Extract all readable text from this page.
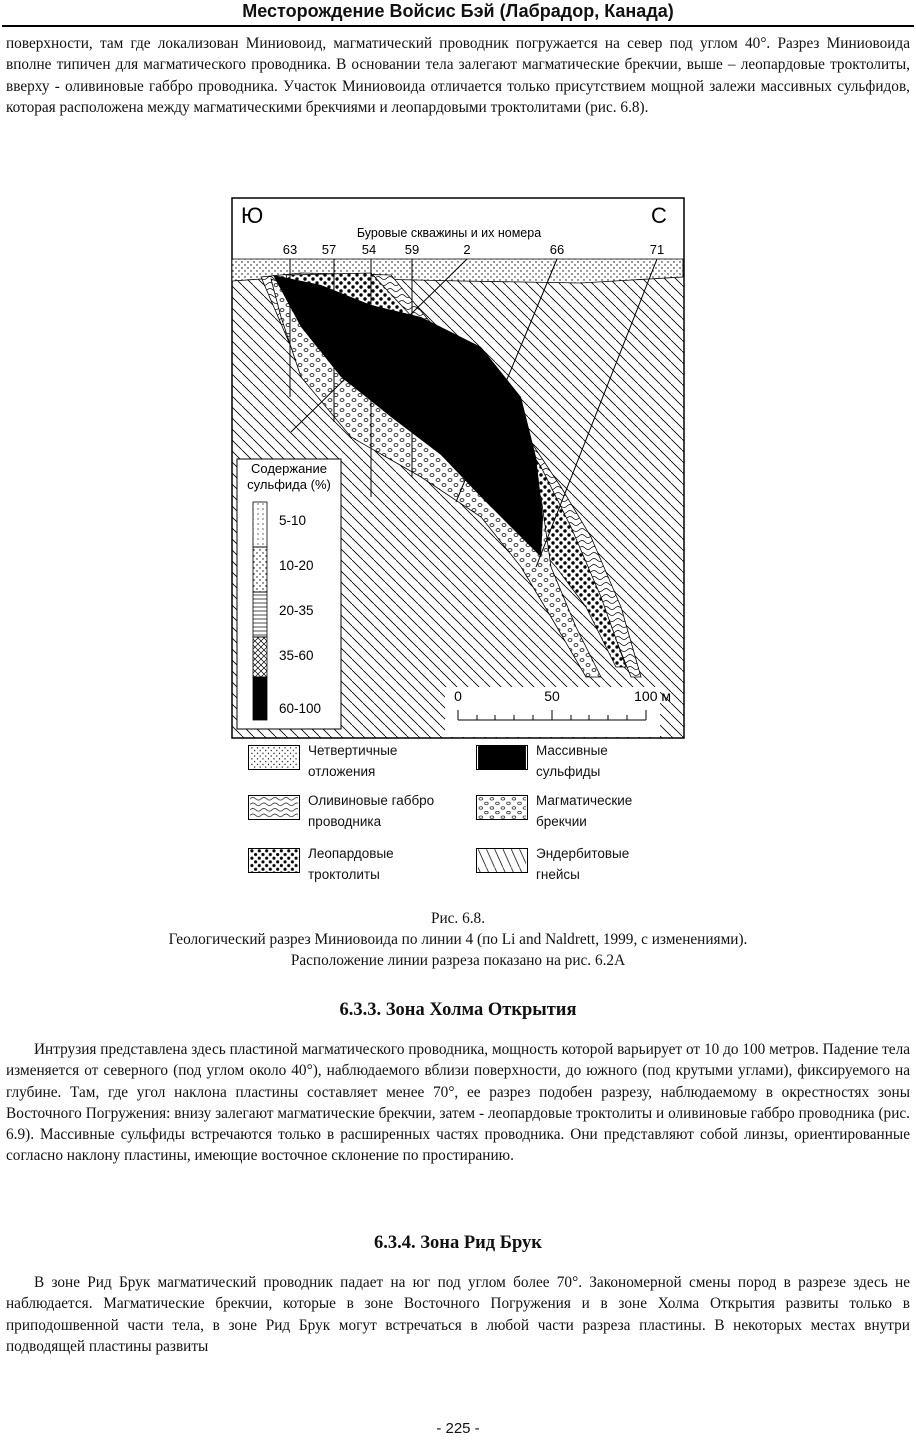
Месторождение Войсис Бэй (Лабрадор, Канада)

поверхности, там где локализован Миниовоид, магматический проводник погружается на север под углом 40°. Разрез Миниовоида вполне типичен для магматического проводника. В основании тела залегают магматические брекчии, выше – леопардовые троктолиты, вверху - оливиновые габбро проводника. Участок Миниовоида отличается только присутствием мощной залежи массивных сульфидов, которая расположена между магматическими брекчиями и леопардовыми троктолитами (рис. 6.8).

Ю	С
Буровые скважины и их номера
63 57 54 59	2	66	71
Содержание
сульфида (%)
5-10
10-20
20-35
35-60
60-100
0	50	100 м
Четвертичные
отложения
Массивные
сульфиды
Оливиновые габбро
проводника
Магматические
брекчии
Леопардовые
троктолиты
Эндербитовые
гнейсы
Рис. 6.8.
Геологический разрез Миниовоида по линии 4 (по Li and Naldrett, 1999, с изменениями).
Расположение линии разреза показано на рис. 6.2А
6.3.3. Зона Холма Открытия

Интрузия представлена здесь пластиной магматического проводника, мощность которой варьирует от 10 до 100 метров. Падение тела изменяется от северного (под углом около 40°), наблюдаемого вблизи поверхности, до южного (под крутыми углами), фиксируемого на глубине. Там, где угол наклона пластины составляет менее 70°, ее разрез подобен разрезу, наблюдаемому в окрестностях зоны Восточного Погружения: внизу залегают магматические брекчии, затем - леопардовые троктолиты и оливиновые габбро проводника (рис. 6.9). Массивные сульфиды встречаются только в расширенных частях проводника. Они представляют собой линзы, ориентированные согласно наклону пластины, имеющие восточное склонение по простиранию.

6.3.4. Зона Рид Брук

В зоне Рид Брук магматический проводник падает на юг под углом более 70°. Закономерной смены пород в разрезе здесь не наблюдается. Магматические брекчии, которые в зоне Восточного Погружения и в зоне Холма Открытия развиты только в приподошвенной части тела, в зоне Рид Брук могут встречаться в любой части разреза пластины. В некоторых местах внутри подводящей пластины развиты

- 225 -
